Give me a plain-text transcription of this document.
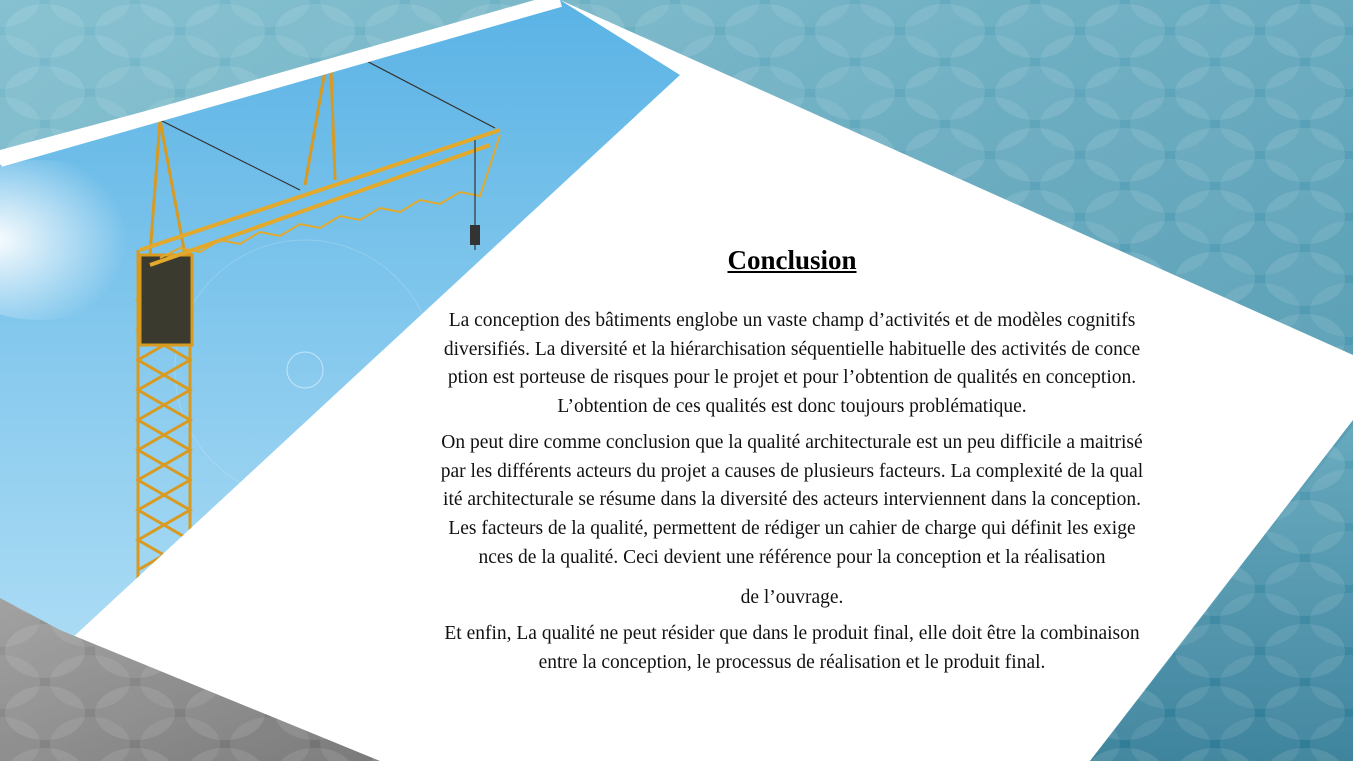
Conclusion
La conception des bâtiments englobe un vaste champ d’activités et de modèles cognitifs
diversifiés. La diversité et la hiérarchisation séquentielle habituelle des activités de conce
ption est porteuse de risques pour le projet et pour l’obtention de qualités en conception.
L’obtention de ces qualités est donc toujours problématique.
On peut dire comme conclusion que la qualité architecturale est un peu difficile a maitrisé
par les différents acteurs du projet a causes de plusieurs facteurs. La complexité de la qual
ité architecturale se résume dans la diversité des acteurs interviennent dans la conception.
Les facteurs de la qualité, permettent de rédiger un cahier de charge qui définit les exige
nces de la qualité. Ceci devient une référence pour la conception et la réalisation
de l’ouvrage.
Et enfin, La qualité ne peut résider que dans le produit final, elle doit être la combinaison
entre la conception, le processus de réalisation et le produit final.
